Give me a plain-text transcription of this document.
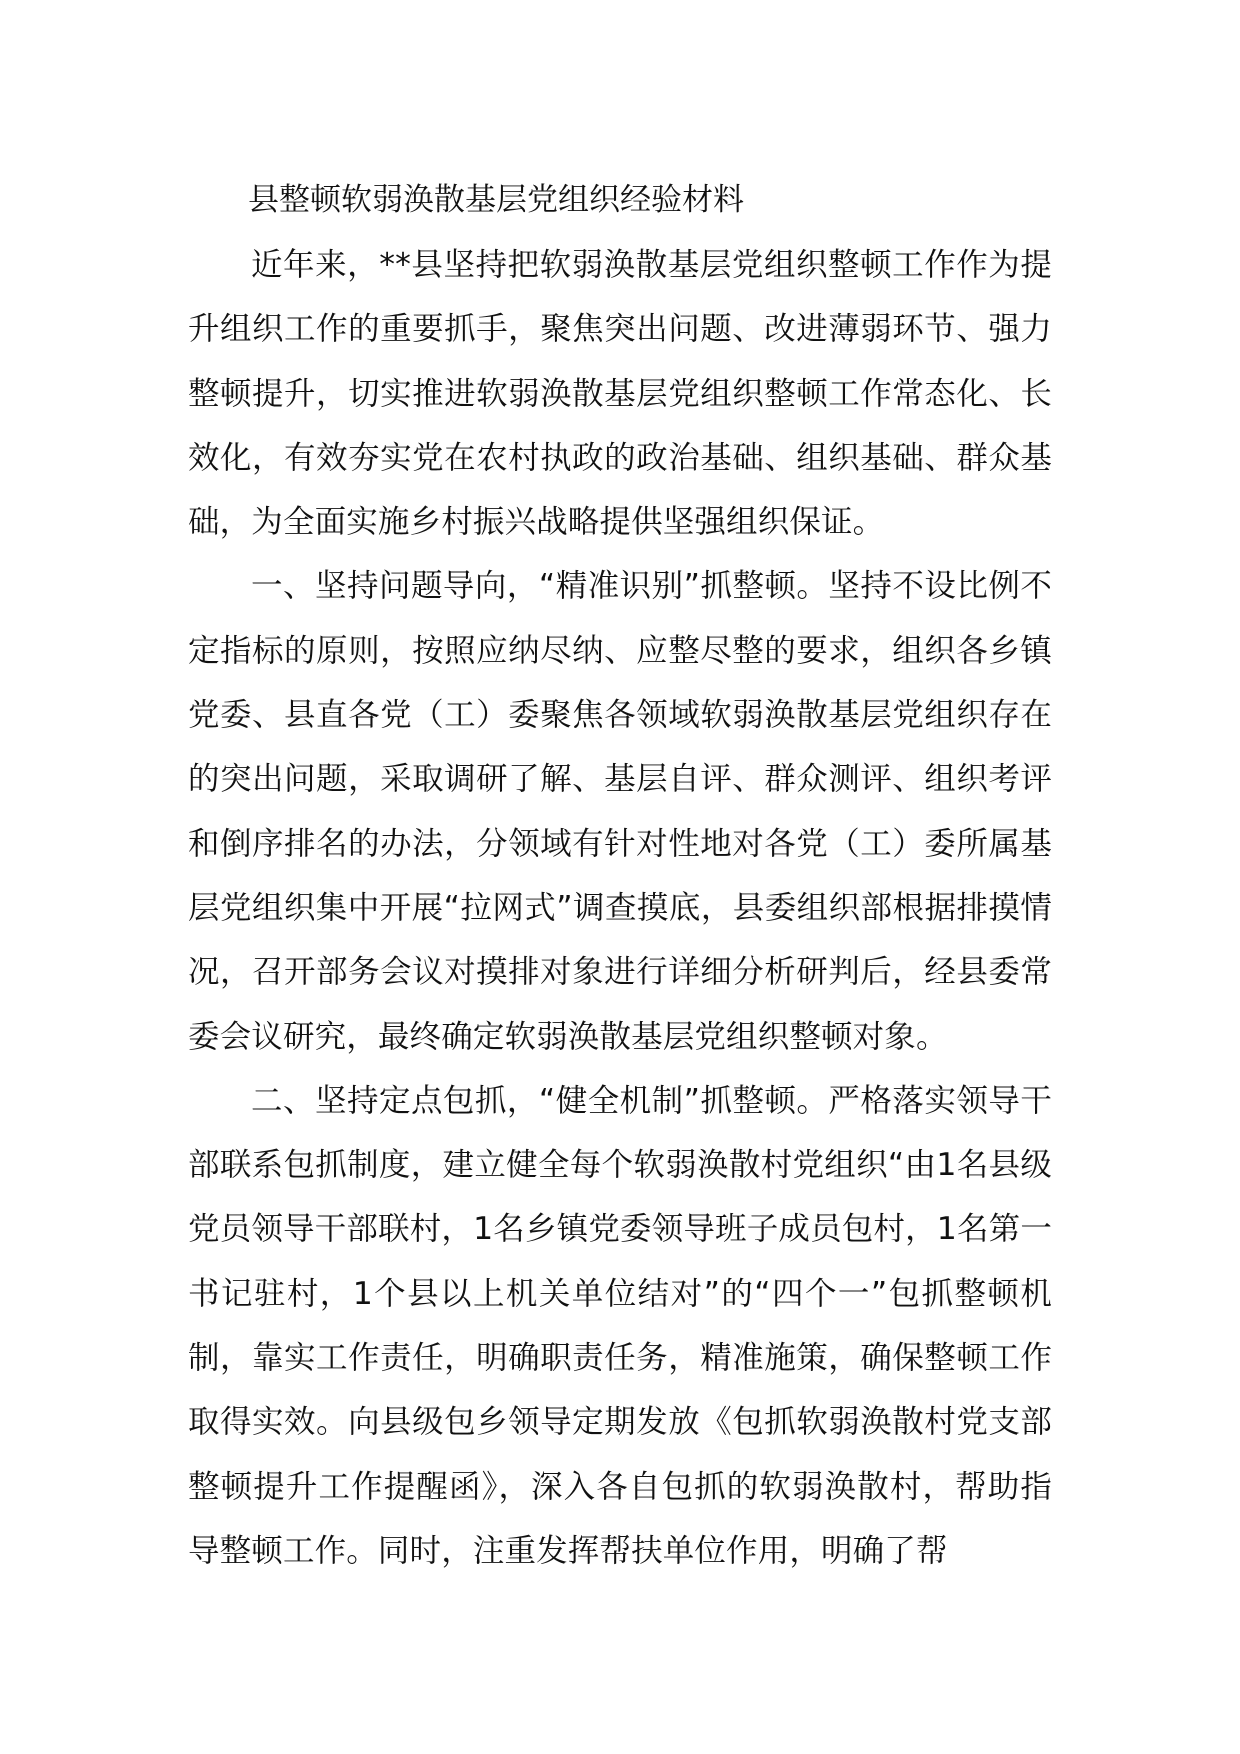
县整顿软弱涣散基层党组织经验材料

近年来，**县坚持把软弱涣散基层党组织整顿工作作为提升组织工作的重要抓手，聚焦突出问题、改进薄弱环节、强力整顿提升，切实推进软弱涣散基层党组织整顿工作常态化、长效化，有效夯实党在农村执政的政治基础、组织基础、群众基础，为全面实施乡村振兴战略提供坚强组织保证。

一、坚持问题导向，“精准识别”抓整顿。坚持不设比例不定指标的原则，按照应纳尽纳、应整尽整的要求，组织各乡镇党委、县直各党（工）委聚焦各领域软弱涣散基层党组织存在的突出问题，采取调研了解、基层自评、群众测评、组织考评和倒序排名的办法，分领域有针对性地对各党（工）委所属基层党组织集中开展“拉网式”调查摸底，县委组织部根据排摸情况，召开部务会议对摸排对象进行详细分析研判后，经县委常委会议研究，最终确定软弱涣散基层党组织整顿对象。

二、坚持定点包抓，“健全机制”抓整顿。严格落实领导干部联系包抓制度，建立健全每个软弱涣散村党组织“由1名县级党员领导干部联村，1名乡镇党委领导班子成员包村，1名第一书记驻村，1个县以上机关单位结对”的“四个一”包抓整顿机制，靠实工作责任，明确职责任务，精准施策，确保整顿工作取得实效。向县级包乡领导定期发放《包抓软弱涣散村党支部整顿提升工作提醒函》，深入各自包抓的软弱涣散村，帮助指导整顿工作。同时，注重发挥帮扶单位作用，明确了帮
